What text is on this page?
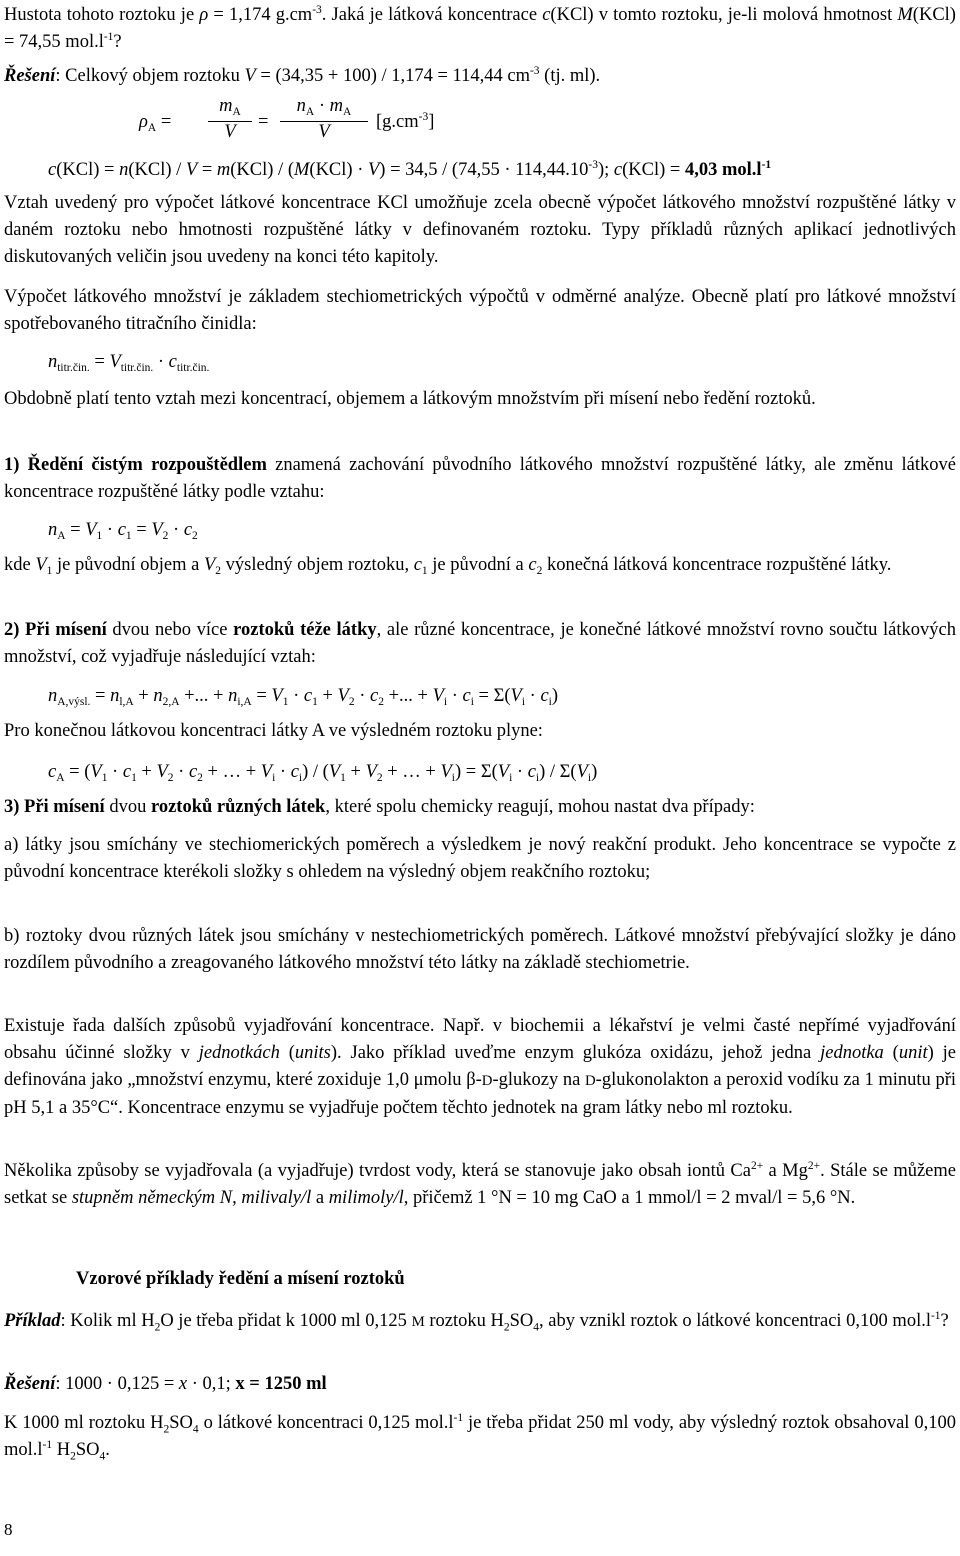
Hustota tohoto roztoku je ρ = 1,174 $g.cm^{-3}$. Jaká je látková koncentrace c(KCl) v tomto roztoku, je-li molová hmotnost M(KCl) = 74,55 $mol.l^{-1}$?

Řešení: Celkový objem roztoku V = (34,35 + 100) / 1,174 = 114,44 $cm^{-3}$ (tj. ml).
$\rho_A$ =
$m_A$
V	=
$n_A \cdot m_A$
V	$[g.cm^{-3}]$
$c(KCl) = n(KCl) / V = m(KCl) / (M(KCl) \cdot V) = 34,5 / (74,55 \cdot 114,44.10^{-3})$; c(KCl) = 4,03 $mol.l^{-1}$

Vztah uvedený pro výpočet látkové koncentrace KCl umožňuje zcela obecně výpočet látkového množství rozpuštěné látky v daném roztoku nebo hmotnosti rozpuštěné látky v definovaném roztoku. Typy příkladů různých aplikací jednotlivých diskutovaných veličin jsou uvedeny na konci této kapitoly.

Výpočet látkového množství je základem stechiometrických výpočtů v odměrné analýze. Obecně platí pro látkové množství spotřebovaného titračního činidla:

$n_{titr.čin.} = V_{titr.čin.} \cdot c_{titr.čin.}$

Obdobně platí tento vztah mezi koncentrací, objemem a látkovým množstvím při mísení nebo ředění roztoků.

1) Ředění čistým rozpouštědlem znamená zachování původního látkového množství rozpuštěné látky, ale změnu látkové koncentrace rozpuštěné látky podle vztahu:

$n_A = V_1 \cdot c_1 = V_2 \cdot c_2$

kde $V_1$ je původní objem a $V_2$ výsledný objem roztoku, $c_1$ je původní a $c_2$ konečná látková koncentrace rozpuštěné látky.

2) Při mísení dvou nebo více roztoků téže látky, ale různé koncentrace, je konečné látkové množství rovno součtu látkových množství, což vyjadřuje následující vztah:

$n_{A,výsl.} = n_{l,A} + n_{2,A}$ +... + $n_{i,A} = V_1 \cdot c_1 + V_2 \cdot c_2$ +... + $V_i \cdot c_i = \Sigma(V_i \cdot c_i)$

Pro konečnou látkovou koncentraci látky A ve výsledném roztoku plyne:

$c_A = (V_1 \cdot c_1 + V_2 \cdot c_2$ + … + $V_i \cdot c_i) / (V_1 + V_2$ + … + $V_i) = \Sigma(V_i \cdot c_i) / \Sigma(V_i)$

3) Při mísení dvou roztoků různých látek, které spolu chemicky reagují, mohou nastat dva případy:

a) látky jsou smíchány ve stechiomerických poměrech a výsledkem je nový reakční produkt. Jeho koncentrace se vypočte z původní koncentrace kterékoli složky s ohledem na výsledný objem reakčního roztoku;

b) roztoky dvou různých látek jsou smíchány v nestechiometrických poměrech. Látkové množství přebývající složky je dáno rozdílem původního a zreagovaného látkového množství této látky na základě stechiometrie.

Existuje řada dalších způsobů vyjadřování koncentrace. Např. v biochemii a lékařství je velmi časté nepřímé vyjadřování obsahu účinné složky v jednotkách (units). Jako příklad uveďme enzym glukóza oxidázu, jehož jedna jednotka (unit) je definována jako „množství enzymu, které zoxiduje 1,0 μmolu β-D-glukozy na D-glukonolakton a peroxid vodíku za 1 minutu při pH 5,1 a 35°C“. Koncentrace enzymu se vyjadřuje počtem těchto jednotek na gram látky nebo ml roztoku.

Několika způsoby se vyjadřovala (a vyjadřuje) tvrdost vody, která se stanovuje jako obsah iontů $Ca^{2+}$ a $Mg^{2+}$. Stále se můžeme setkat se stupněm německým N, milivaly/l a milimoly/l, přičemž 1 °N = 10 mg CaO a 1 mmol/l = 2 mval/l = 5,6 °N.

Vzorové příklady ředění a mísení roztoků

Příklad: Kolik ml $H_2O$ je třeba přidat k 1000 ml 0,125 M roztoku $H_2SO_4$, aby vznikl roztok o látkové koncentraci 0,100 $mol.l^{-1}$?

Řešení: 1000 · 0,125 = x · 0,1; x = 1250 ml

K 1000 ml roztoku $H_2SO_4$ o látkové koncentraci 0,125 $mol.l^{-1}$ je třeba přidat 250 ml vody, aby výsledný roztok obsahoval 0,100 $mol.l^{-1}$ $H_2SO_4$.

8
